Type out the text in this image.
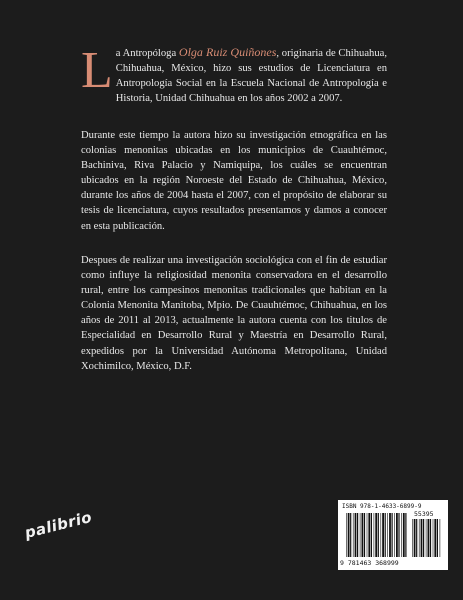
La Antropóloga Olga Ruiz Quiñones, originaria de Chihuahua, Chihuahua, México, hizo sus estudios de Licenciatura en Antropología Social en la Escuela Nacional de Antropología e Historia, Unidad Chihuahua en los años 2002 a 2007.
Durante este tiempo la autora hizo su investigación etnográfica en las colonias menonitas ubicadas en los municipios de Cuauhtémoc, Bachiniva, Riva Palacio y Namiquipa, los cuáles se encuentran ubicados en la región Noroeste del Estado de Chihuahua, México, durante los años de 2004 hasta el 2007, con el propósito de elaborar su tesis de licenciatura, cuyos resultados presentamos y damos a conocer en esta publicación.
Despues de realizar una investigación sociológica con el fin de estudiar como influye la religiosidad menonita conservadora en el desarrollo rural, entre los campesinos menonitas tradicionales que habitan en la Colonia Menonita Manitoba, Mpio. De Cuauhtémoc, Chihuahua, en los años de 2011 al 2013, actualmente la autora cuenta con los titulos de Especialidad en Desarrollo Rural y Maestría en Desarrollo Rural, expedidos por la Universidad Autónoma Metropolitana, Unidad Xochimilco, México, D.F.
ISBN 978-1-4633-6899-9
55395
9 781463 368999
palibrio
